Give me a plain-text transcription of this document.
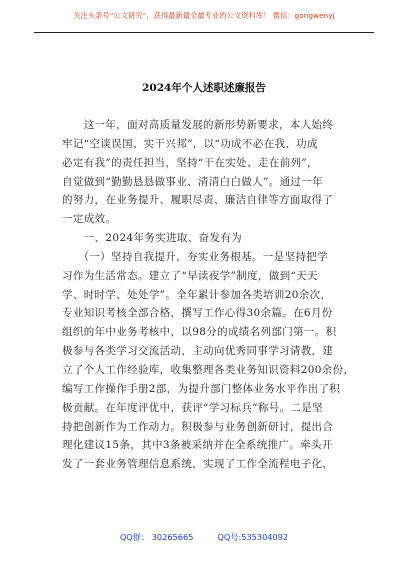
关注头条号“公文研究”，获得最新最全最专业的公文资料库！ 微信：gongwenyj
2024年个人述职述廉报告
　　这一年，面对高质量发展的新形势新要求，本人始终
牢记“空谈误国、实干兴邦”，以“功成不必在我、功成
必定有我”的责任担当，坚持“干在实处、走在前列”，
自觉做到“勤勤恳恳做事业、清清白白做人”。通过一年
的努力，在业务提升、履职尽责、廉洁自律等方面取得了
一定成效。
　　一、2024年务实进取、奋发有为
　　（一）坚持自我提升，夯实业务根基。一是坚持把学
习作为生活常态。建立了“早读夜学”制度，做到“天天
学、时时学、处处学”。全年累计参加各类培训20余次，
专业知识考核全部合格，撰写工作心得30余篇。在6月份
组织的年中业务考核中，以98分的成绩名列部门第一。积
极参与各类学习交流活动，主动向优秀同事学习请教，建
立了个人工作经验库，收集整理各类业务知识资料200余份，
编写工作操作手册2部，为提升部门整体业务水平作出了积
极贡献。在年度评优中，获评“学习标兵”称号。二是坚
持把创新作为工作动力。积极参与业务创新研讨，提出合
理化建议15条，其中3条被采纳并在全系统推广。牵头开
发了一套业务管理信息系统，实现了工作全流程电子化，
QQ群： 30265665	QQ号:535304092
